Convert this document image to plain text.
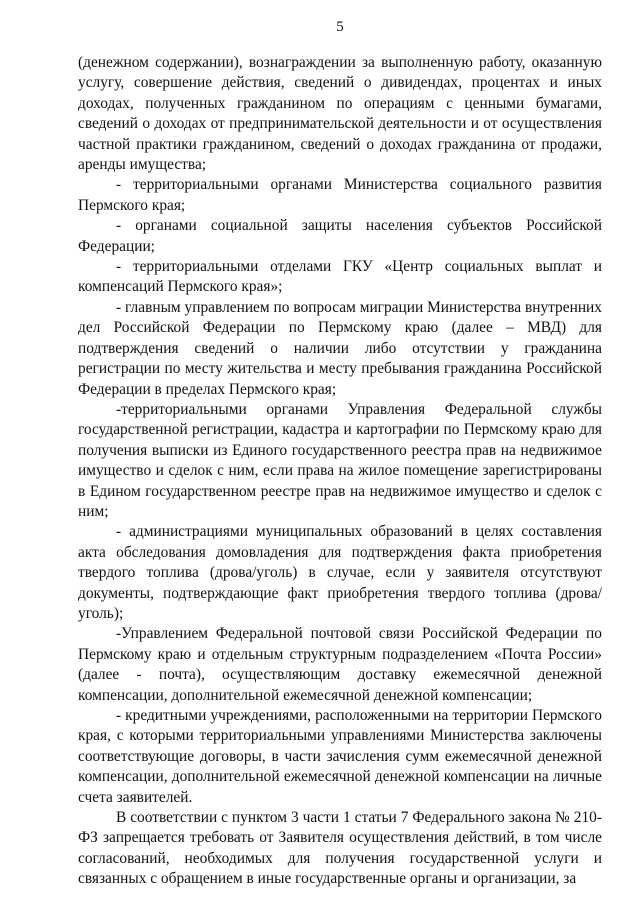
5

(денежном содержании), вознаграждении за выполненную работу, оказанную услугу, совершение действия, сведений о дивидендах, процентах и иных доходах, полученных гражданином по операциям с ценными бумагами, сведений о доходах от предпринимательской деятельности и от осуществления частной практики гражданином, сведений о доходах гражданина от продажи, аренды имущества;

- территориальными органами Министерства социального развития Пермского края;

- органами социальной защиты населения субъектов Российской Федерации;

- территориальными отделами ГКУ «Центр социальных выплат и компенсаций Пермского края»;

- главным управлением по вопросам миграции Министерства внутренних дел Российской Федерации по Пермскому краю (далее – МВД) для подтверждения сведений о наличии либо отсутствии у гражданина регистрации по месту жительства и месту пребывания гражданина Российской Федерации в пределах Пермского края;

-территориальными органами Управления Федеральной службы государственной регистрации, кадастра и картографии по Пермскому краю для получения выписки из Единого государственного реестра прав на недвижимое имущество и сделок с ним, если права на жилое помещение зарегистрированы в Едином государственном реестре прав на недвижимое имущество и сделок с ним;

- администрациями муниципальных образований в целях составления акта обследования домовладения для подтверждения факта приобретения твердого топлива (дрова/уголь) в случае, если у заявителя отсутствуют документы, подтверждающие факт приобретения твердого топлива (дрова/уголь);

-Управлением Федеральной почтовой связи Российской Федерации по Пермскому краю и отдельным структурным подразделением «Почта России» (далее - почта), осуществляющим доставку ежемесячной денежной компенсации, дополнительной ежемесячной денежной компенсации;

- кредитными учреждениями, расположенными на территории Пермского края, с которыми территориальными управлениями Министерства заключены соответствующие договоры, в части зачисления сумм ежемесячной денежной компенсации, дополнительной ежемесячной денежной компенсации на личные счета заявителей.

В соответствии с пунктом 3 части 1 статьи 7 Федерального закона № 210-ФЗ запрещается требовать от Заявителя осуществления действий, в том числе согласований, необходимых для получения государственной услуги и связанных с обращением в иные государственные органы и организации, за
